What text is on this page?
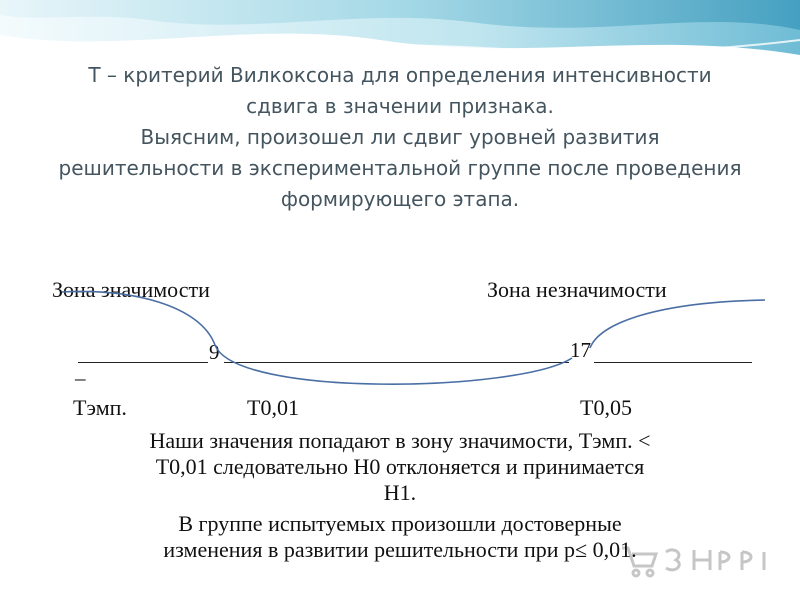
Т – критерий Вилкоксона для определения интенсивности
сдвига в значении признака.
Выясним, произошел ли сдвиг уровней развития
решительности в экспериментальной группе после проведения
формирующего этапа.
Зона значимости	Зона незначимости
9	17
–
Тэмп.	Т0,01	Т0,05
Наши значения попадают в зону значимости, Тэмп. <
Т0,01 следовательно Н0 отклоняется и принимается
Н1.
В группе испытуемых произошли достоверные
изменения в развитии решительности при p≤ 0,01.
